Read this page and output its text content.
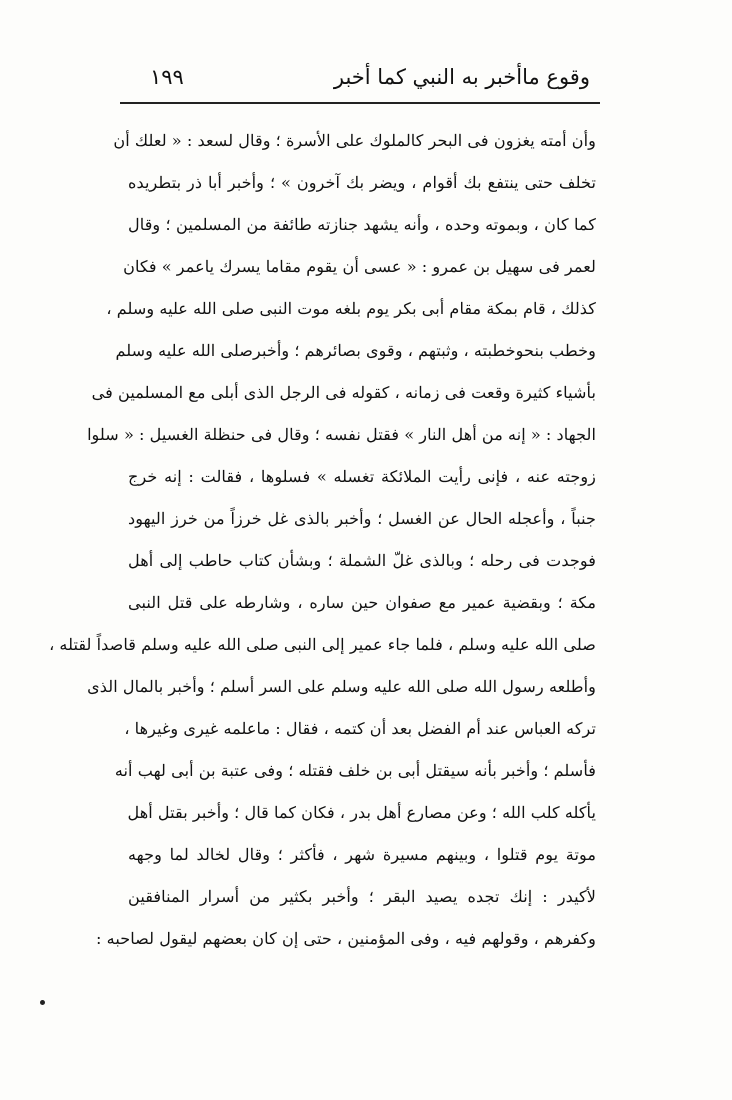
وقوع ماأخبر به النبي كما أخبر
١٩٩
وأن أمته يغزون فى البحر كالملوك على الأسرة ؛ وقال لسعد : « لعلك أن
تخلف حتى ينتفع بك أقوام ، ويضر بك آخرون » ؛ وأخبر أبا ذر بتطريده
كما كان ، وبموته وحده ، وأنه يشهد جنازته طائفة من المسلمين ؛ وقال
لعمر فى سهيل بن عمرو : « عسى أن يقوم مقاما يسرك ياعمر » فكان
كذلك ، قام بمكة مقام أبى بكر يوم بلغه موت النبى صلى الله عليه وسلم ،
وخطب بنحوخطبته ، وثبتهم ، وقوى بصائرهم ؛ وأخبرصلى الله عليه وسلم
بأشياء كثيرة وقعت فى زمانه ، كقوله فى الرجل الذى أبلى مع المسلمين فى
الجهاد : « إنه من أهل النار » فقتل نفسه ؛ وقال فى حنظلة الغسيل : « سلوا
زوجته عنه ، فإنى رأيت الملائكة تغسله » فسلوها ، فقالت : إنه خرج
جنباً ، وأعجله الحال عن الغسل ؛ وأخبر بالذى غل خرزاً من خرز اليهود
فوجدت فى رحله ؛ وبالذى غلّ الشملة ؛ وبشأن كتاب حاطب إلى أهل
مكة ؛ وبقضية عمير مع صفوان حين ساره ، وشارطه على قتل النبى
صلى الله عليه وسلم ، فلما جاء عمير إلى النبى صلى الله عليه وسلم قاصداً لقتله ،
وأطلعه رسول الله صلى الله عليه وسلم على السر أسلم ؛ وأخبر بالمال الذى
تركه العباس عند أم الفضل بعد أن كتمه ، فقال : ماعلمه غيرى وغيرها ،
فأسلم ؛ وأخبر بأنه سيقتل أبى بن خلف فقتله ؛ وفى عتبة بن أبى لهب أنه
يأكله كلب الله ؛ وعن مصارع أهل بدر ، فكان كما قال ؛ وأخبر بقتل أهل
موتة يوم قتلوا ، وبينهم مسيرة شهر ، فأكثر ؛ وقال لخالد لما وجهه
لأكيدر : إنك تجده يصيد البقر ؛ وأخبر بكثير من أسرار المنافقين
وكفرهم ، وقولهم فيه ، وفى المؤمنين ، حتى إن كان بعضهم ليقول لصاحبه :
